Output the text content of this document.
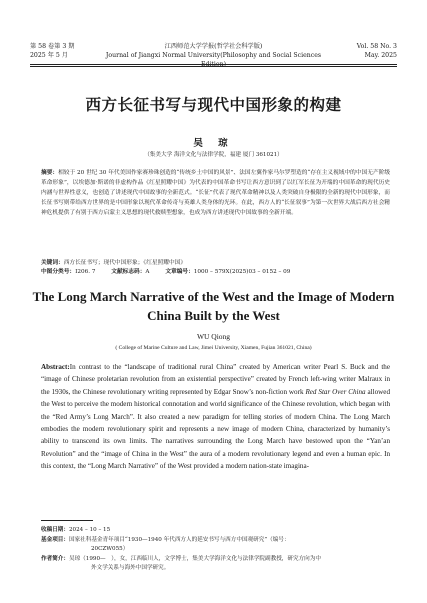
第 58 卷第 3 期
2025 年 5 月
江西师范大学学报(哲学社会科学版)
Journal of Jiangxi Normal University(Philosophy and Social Sciences Edition)
Vol. 58 No. 3
May. 2025
西方长征书写与现代中国形象的构建
吴 琼
（集美大学 海洋文化与法律学院，福建 厦门 361021）
摘要：相较于 20 世纪 30 年代美国作家赛珍珠创造的“传统乡土中国的风景”、法国左翼作家马尔罗塑造的“存在主义视域中的中国无产阶级革命形象”，以埃德加·斯诺的非虚构作品《红星照耀中国》为代表的中国革命书写让西方意识到了以红军长征为开端的中国革命的现代历史内涵与世界性意义，也创造了讲述现代中国故事的全新范式。“长征”代表了现代革命精神以及人类突破自身极限的全新的现代中国形象，而长征书写则带给西方世界的是中国形象以现代革命传奇与英雄人类身体的光环。在此，西方人的“长征叙事”为第一次世界大战后西方社会精神危机提供了有别于西方启蒙主义思想的现代救赎型想象，也成为西方讲述现代中国故事的全新开端。
关键词：西方长征书写；现代中国形象；《红星照耀中国》
中图分类号：I206. 7	文献标志码：A	文章编号：1000 – 579X(2025)03 – 0152 – 09
The Long March Narrative of the West and the Image of Modern China Built by the West
WU Qiong
( College of Marine Culture and Law, Jimei University, Xiamen, Fujian 361021, China)
Abstract:In contrast to the “landscape of traditional rural China” created by American writer Pearl S. Buck and the “image of Chinese proletarian revolution from an existential perspective” created by French left-wing writer Malraux in the 1930s, the Chinese revolutionary writing represented by Edgar Snow’s non-fiction work Red Star Over China allowed the West to perceive the modern historical connotation and world significance of the Chinese revolution, which began with the “Red Army’s Long March”. It also created a new paradigm for telling stories of modern China. The Long March embodies the modern revolutionary spirit and represents a new image of modern China, characterized by humanity’s ability to transcend its own limits. The narratives surrounding the Long March have bestowed upon the “Yan’an Revolution” and the “image of China in the West” the aura of a modern revolutionary legend and even a human epic. In this context, the “Long March Narrative” of the West provided a modern nation-state imagina-
收稿日期：2024 – 10 – 15
基金项目：国家社科基金青年项目“1930—1940 年代西方人的延安书写与西方中国观研究”（编号：
20CZW055）
作者简介：吴琼（1990—　），女，江西临川人，文学博士，集美大学海洋文化与法律学院副教授，研究方向为中
外文学关系与海外中国学研究。
